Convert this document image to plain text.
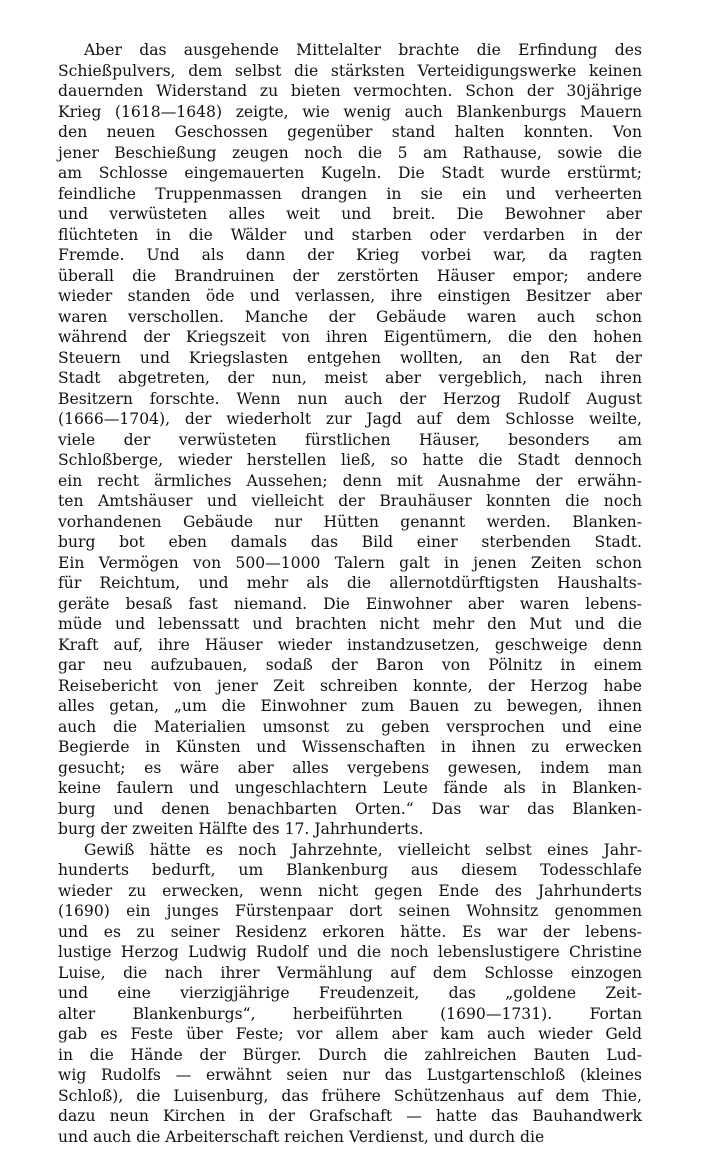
Aber das ausgehende Mittelalter brachte die Erfindung des
Schießpulvers, dem selbst die stärksten Verteidigungswerke keinen
dauernden Widerstand zu bieten vermochten. Schon der 30jährige
Krieg (1618—1648) zeigte, wie wenig auch Blankenburgs Mauern
den neuen Geschossen gegenüber stand halten konnten. Von
jener Beschießung zeugen noch die 5 am Rathause, sowie die
am Schlosse eingemauerten Kugeln. Die Stadt wurde erstürmt;
feindliche Truppenmassen drangen in sie ein und verheerten
und verwüsteten alles weit und breit. Die Bewohner aber
flüchteten in die Wälder und starben oder verdarben in der
Fremde. Und als dann der Krieg vorbei war, da ragten
überall die Brandruinen der zerstörten Häuser empor; andere
wieder standen öde und verlassen, ihre einstigen Besitzer aber
waren verschollen. Manche der Gebäude waren auch schon
während der Kriegszeit von ihren Eigentümern, die den hohen
Steuern und Kriegslasten entgehen wollten, an den Rat der
Stadt abgetreten, der nun, meist aber vergeblich, nach ihren
Besitzern forschte. Wenn nun auch der Herzog Rudolf August
(1666—1704), der wiederholt zur Jagd auf dem Schlosse weilte,
viele der verwüsteten fürstlichen Häuser, besonders am
Schloßberge, wieder herstellen ließ, so hatte die Stadt dennoch
ein recht ärmliches Aussehen; denn mit Ausnahme der erwähn-
ten Amtshäuser und vielleicht der Brauhäuser konnten die noch
vorhandenen Gebäude nur Hütten genannt werden. Blanken-
burg bot eben damals das Bild einer sterbenden Stadt.
Ein Vermögen von 500—1000 Talern galt in jenen Zeiten schon
für Reichtum, und mehr als die allernotdürftigsten Haushalts-
geräte besaß fast niemand. Die Einwohner aber waren lebens-
müde und lebenssatt und brachten nicht mehr den Mut und die
Kraft auf, ihre Häuser wieder instandzusetzen, geschweige denn
gar neu aufzubauen, sodaß der Baron von Pölnitz in einem
Reisebericht von jener Zeit schreiben konnte, der Herzog habe
alles getan, „um die Einwohner zum Bauen zu bewegen, ihnen
auch die Materialien umsonst zu geben versprochen und eine
Begierde in Künsten und Wissenschaften in ihnen zu erwecken
gesucht; es wäre aber alles vergebens gewesen, indem man
keine faulern und ungeschlachtern Leute fände als in Blanken-
burg und denen benachbarten Orten.“ Das war das Blanken-
burg der zweiten Hälfte des 17. Jahrhunderts.
Gewiß hätte es noch Jahrzehnte, vielleicht selbst eines Jahr-
hunderts bedurft, um Blankenburg aus diesem Todesschlafe
wieder zu erwecken, wenn nicht gegen Ende des Jahrhunderts
(1690) ein junges Fürstenpaar dort seinen Wohnsitz genommen
und es zu seiner Residenz erkoren hätte. Es war der lebens-
lustige Herzog Ludwig Rudolf und die noch lebenslustigere Christine
Luise, die nach ihrer Vermählung auf dem Schlosse einzogen
und eine vierzigjährige Freudenzeit, das „goldene Zeit-
alter Blankenburgs“, herbeiführten (1690—1731). Fortan
gab es Feste über Feste; vor allem aber kam auch wieder Geld
in die Hände der Bürger. Durch die zahlreichen Bauten Lud-
wig Rudolfs — erwähnt seien nur das Lustgartenschloß (kleines
Schloß), die Luisenburg, das frühere Schützenhaus auf dem Thie,
dazu neun Kirchen in der Grafschaft — hatte das Bauhandwerk
und auch die Arbeiterschaft reichen Verdienst, und durch die
